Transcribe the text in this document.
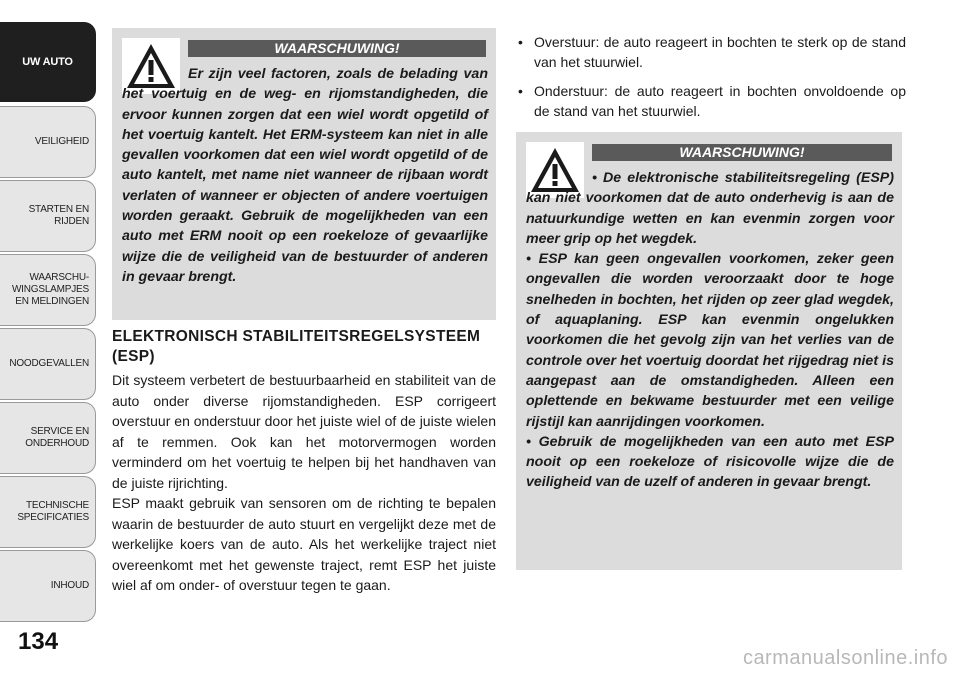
UW AUTO
VEILIGHEID
STARTEN EN
RIJDEN
WAARSCHU-
WINGSLAMPJES
EN MELDINGEN
NOODGEVALLEN
SERVICE EN
ONDERHOUD
TECHNISCHE
SPECIFICATIES
INHOUD
134
WAARSCHUWING!

Er zijn veel factoren, zoals de belading van het voertuig en de weg- en rijomstandigheden, die ervoor kunnen zorgen dat een wiel wordt opgetild of het voertuig kantelt. Het ERM-systeem kan niet in alle gevallen voorkomen dat een wiel wordt opgetild of de auto kantelt, met name niet wanneer de rijbaan wordt verlaten of wanneer er objecten of andere voertuigen worden geraakt. Gebruik de mogelijkheden van een auto met ERM nooit op een roekeloze of gevaarlijke wijze die de veiligheid van de bestuurder of anderen in gevaar brengt.

ELEKTRONISCH STABILITEITSREGELSYSTEEM (ESP)

Dit systeem verbetert de bestuurbaarheid en stabiliteit van de auto onder diverse rijomstandigheden. ESP corrigeert overstuur en onderstuur door het juiste wiel of de juiste wielen af te remmen. Ook kan het motorvermogen worden verminderd om het voertuig te helpen bij het handhaven van de juiste rijrichting.

ESP maakt gebruik van sensoren om de richting te bepalen waarin de bestuurder de auto stuurt en vergelijkt deze met de werkelijke koers van de auto. Als het werkelijke traject niet overeenkomt met het gewenste traject, remt ESP het juiste wiel af om onder- of overstuur tegen te gaan.

• Overstuur: de auto reageert in bochten te sterk op de stand van het stuurwiel.
• Onderstuur: de auto reageert in bochten onvoldoende op de stand van het stuurwiel.
WAARSCHUWING!
• De elektronische stabiliteitsregeling (ESP) kan niet voorkomen dat de auto onderhevig is aan de natuurkundige wetten en kan evenmin zorgen voor meer grip op het wegdek.
• ESP kan geen ongevallen voorkomen, zeker geen ongevallen die worden veroorzaakt door te hoge snelheden in bochten, het rijden op zeer glad wegdek, of aquaplaning. ESP kan evenmin ongelukken voorkomen die het gevolg zijn van het verlies van de controle over het voertuig doordat het rijgedrag niet is aangepast aan de omstandigheden. Alleen een oplettende en bekwame bestuurder met een veilige rijstijl kan aanrijdingen voorkomen.
• Gebruik de mogelijkheden van een auto met ESP nooit op een roekeloze of risicovolle wijze die de veiligheid van de uzelf of anderen in gevaar brengt.
carmanualsonline.info
